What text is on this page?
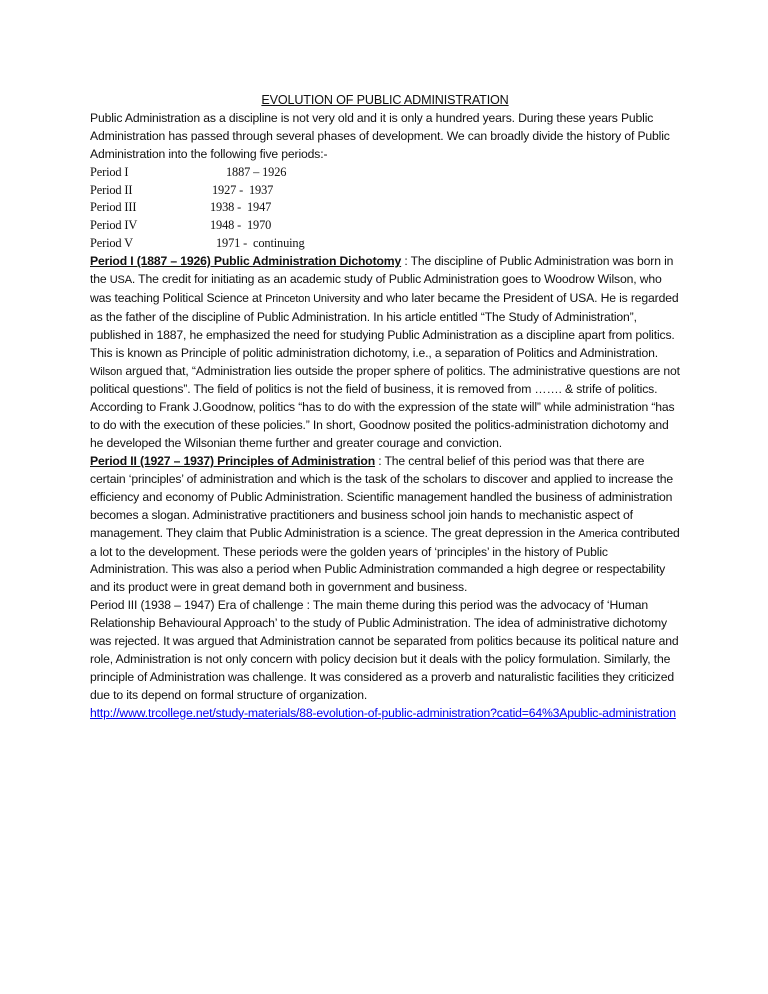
EVOLUTION OF PUBLIC ADMINISTRATION

Public Administration as a discipline is not very old and it is only a hundred years. During these years Public Administration has passed through several phases of development. We can broadly divide the history of Public Administration into the following five periods:-

Period I	1887 – 1926
Period II	1927 -  1937
Period III	1938 -  1947
Period IV	1948 -  1970
Period V	1971 -  continuing

Period I (1887 – 1926) Public Administration Dichotomy : The discipline of Public Administration was born in the USA. The credit for initiating as an academic study of Public Administration goes to Woodrow Wilson, who was teaching Political Science at Princeton University and who later became the President of USA. He is regarded as the father of the discipline of Public Administration. In his article entitled “The Study of Administration”, published in 1887, he emphasized the need for studying Public Administration as a discipline apart from politics. This is known as Principle of politic administration dichotomy, i.e., a separation of Politics and Administration. Wilson argued that, “Administration lies outside the proper sphere of politics. The administrative questions are not political questions”. The field of politics is not the field of business, it is removed from ……. & strife of politics.

According to Frank J.Goodnow, politics “has to do with the expression of the state will” while administration “has to do with the execution of these policies.” In short, Goodnow posited the politics-administration dichotomy and he developed the Wilsonian theme further and greater courage and conviction.

Period II (1927 – 1937) Principles of Administration : The central belief of this period was that there are certain ‘principles’ of administration and which is the task of the scholars to discover and applied to increase the efficiency and economy of Public Administration. Scientific management handled the business of administration becomes a slogan. Administrative practitioners and business school join hands to mechanistic aspect of management. They claim that Public Administration is a science. The great depression in the America contributed a lot to the development. These periods were the golden years of ‘principles’ in the history of Public Administration. This was also a period when Public Administration commanded a high degree or respectability and its product were in great demand both in government and business.

Period III (1938 – 1947) Era of challenge : The main theme during this period was the advocacy of ‘Human Relationship Behavioural Approach’ to the study of Public Administration. The idea of administrative dichotomy was rejected. It was argued that Administration cannot be separated from politics because its political nature and role, Administration is not only concern with policy decision but it deals with the policy formulation. Similarly, the principle of Administration was challenge. It was considered as a proverb and naturalistic facilities they criticized due to its depend on formal structure of organization.

http://www.trcollege.net/study-materials/88-evolution-of-public-administration?catid=64%3Apublic-administration
